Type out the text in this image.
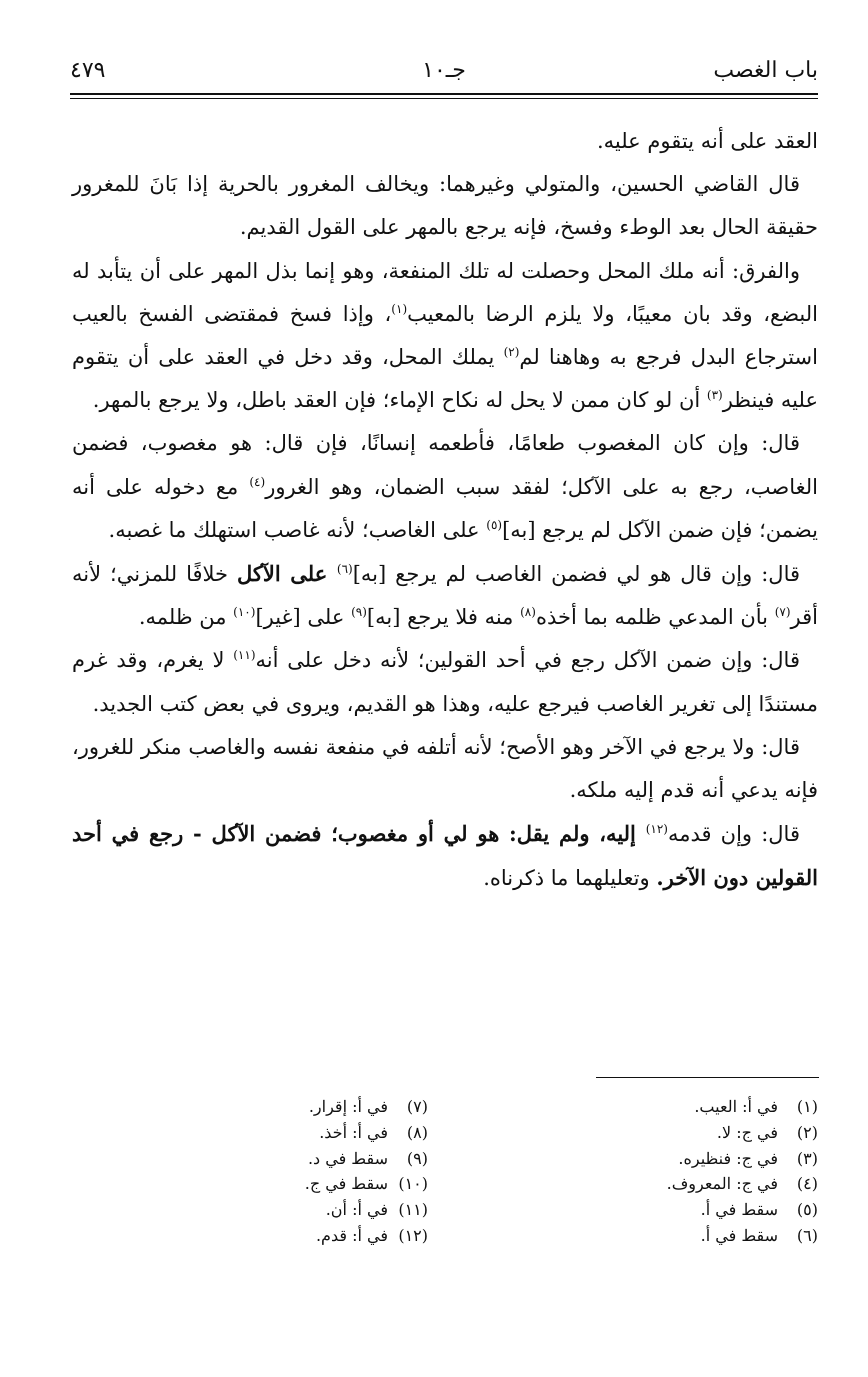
باب الغصب
جـ١٠
٤٧٩

العقد على أنه يتقوم عليه.

قال القاضي الحسين، والمتولي وغيرهما: ويخالف المغرور بالحرية إذا بَانَ للمغرور حقيقة الحال بعد الوطء وفسخ، فإنه يرجع بالمهر على القول القديم.

والفرق: أنه ملك المحل وحصلت له تلك المنفعة، وهو إنما بذل المهر على أن يتأبد له البضع، وقد بان معيبًا، ولا يلزم الرضا بالمعيب$^{(١)}$، وإذا فسخ فمقتضى الفسخ بالعيب استرجاع البدل فرجع به وهاهنا لم$^{(٢)}$ يملك المحل، وقد دخل في العقد على أن يتقوم عليه فينظر$^{(٣)}$ أن لو كان ممن لا يحل له نكاح الإماء؛ فإن العقد باطل، ولا يرجع بالمهر.

قال: وإن كان المغصوب طعامًا، فأطعمه إنسانًا، فإن قال: هو مغصوب، فضمن الغاصب، رجع به على الآكل؛ لفقد سبب الضمان، وهو الغرور$^{(٤)}$ مع دخوله على أنه يضمن؛ فإن ضمن الآكل لم يرجع [به]$^{(٥)}$ على الغاصب؛ لأنه غاصب استهلك ما غصبه.

قال: وإن قال هو لي فضمن الغاصب لم يرجع [به]$^{(٦)}$ على الآكل خلافًا للمزني؛ لأنه أقر$^{(٧)}$ بأن المدعي ظلمه بما أخذه$^{(٨)}$ منه فلا يرجع [به]$^{(٩)}$ على [غير]$^{(١٠)}$ من ظلمه.

قال: وإن ضمن الآكل رجع في أحد القولين؛ لأنه دخل على أنه$^{(١١)}$ لا يغرم، وقد غرم مستندًا إلى تغرير الغاصب فيرجع عليه، وهذا هو القديم، ويروى في بعض كتب الجديد.

قال: ولا يرجع في الآخر وهو الأصح؛ لأنه أتلفه في منفعة نفسه والغاصب منكر للغرور، فإنه يدعي أنه قدم إليه ملكه.

قال: وإن قدمه$^{(١٢)}$ إليه، ولم يقل: هو لي أو مغصوب؛ فضمن الآكل - رجع في أحد القولين دون الآخر. وتعليلهما ما ذكرناه.

(١)في أ: العيب.
(٢)في ج: لا.
(٣)في ج: فنظيره.
(٤)في ج: المعروف.
(٥)سقط في أ.
(٦)سقط في أ.
(٧)في أ: إقرار.
(٨)في أ: أخذ.
(٩)سقط في د.
(١٠)سقط في ج.
(١١)في أ: أن.
(١٢)في أ: قدم.
